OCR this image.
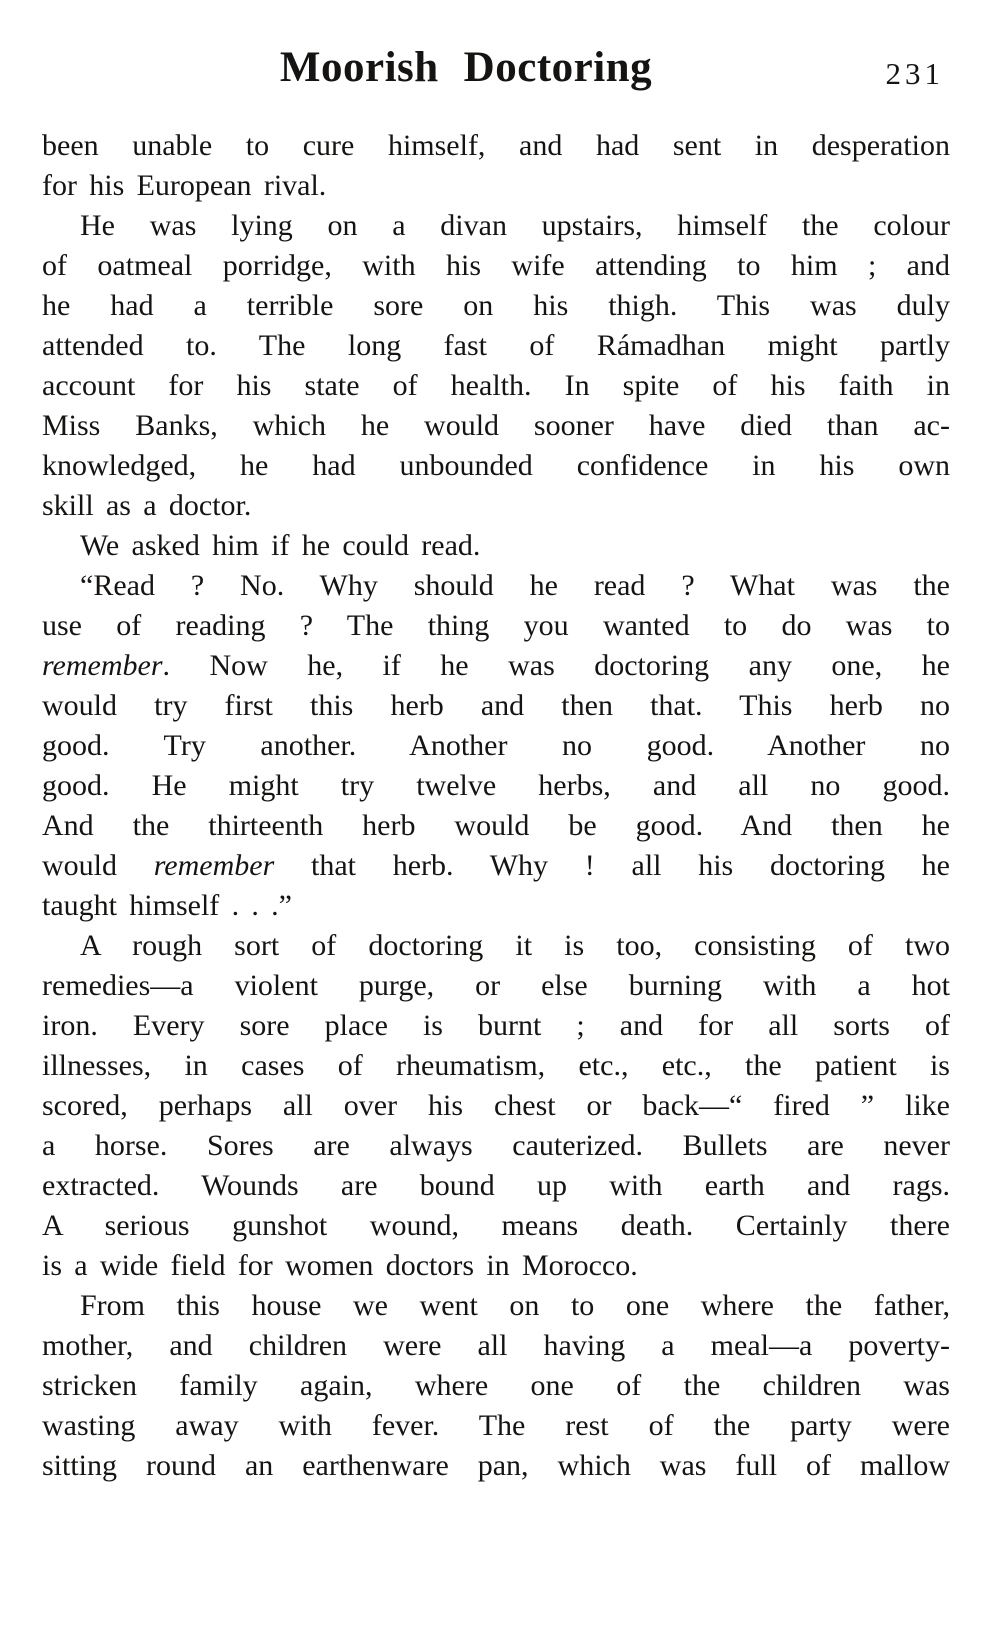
Moorish Doctoring	231
been unable to cure himself, and had sent in desperation
for his European rival.
He was lying on a divan upstairs, himself the colour
of oatmeal porridge, with his wife attending to him ; and
he had a terrible sore on his thigh. This was duly
attended to. The long fast of Rámadhan might partly
account for his state of health. In spite of his faith in
Miss Banks, which he would sooner have died than ac-
knowledged, he had unbounded confidence in his own
skill as a doctor.
We asked him if he could read.
“Read ? No. Why should he read ? What was the
use of reading ? The thing you wanted to do was to
remember. Now he, if he was doctoring any one, he
would try first this herb and then that. This herb no
good. Try another. Another no good. Another no
good. He might try twelve herbs, and all no good.
And the thirteenth herb would be good. And then he
would remember that herb. Why ! all his doctoring he
taught himself . . .”
A rough sort of doctoring it is too, consisting of two
remedies—a violent purge, or else burning with a hot
iron. Every sore place is burnt ; and for all sorts of
illnesses, in cases of rheumatism, etc., etc., the patient is
scored, perhaps all over his chest or back—“ fired ” like
a horse. Sores are always cauterized. Bullets are never
extracted. Wounds are bound up with earth and rags.
A serious gunshot wound, means death. Certainly there
is a wide field for women doctors in Morocco.
From this house we went on to one where the father,
mother, and children were all having a meal—a poverty-
stricken family again, where one of the children was
wasting away with fever. The rest of the party were
sitting round an earthenware pan, which was full of mallow
